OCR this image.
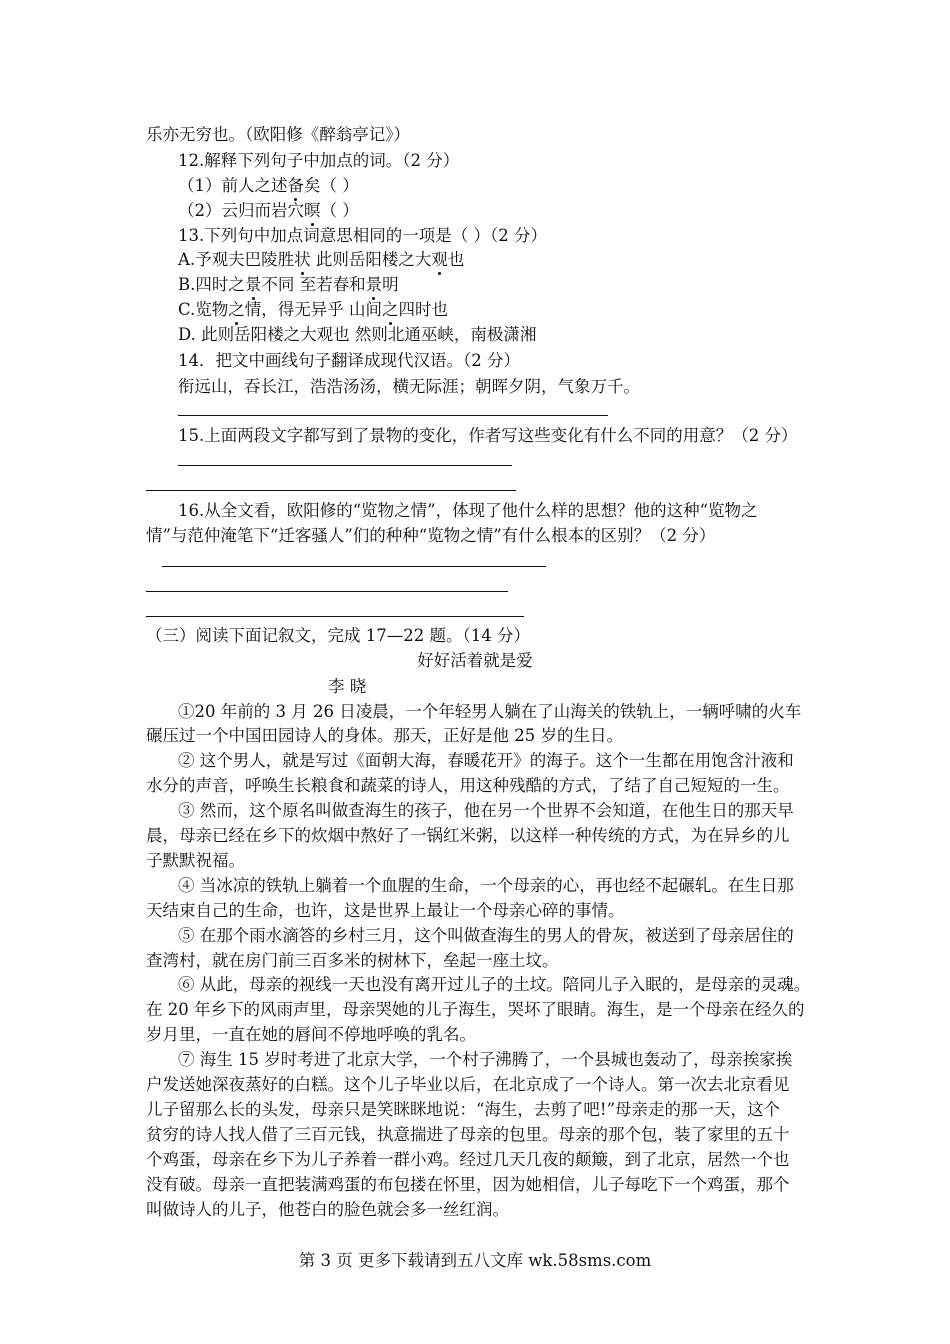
乐亦无穷也。（欧阳修《醉翁亭记》）
12.解释下列句子中加点的词。（2 分）
（1）前人之述备矣（ ）
（2）云归而岩穴暝（ ）
13.下列句中加点词意思相同的一项是（ ）（2 分）
A.予观夫巴陵胜状 此则岳阳楼之大观也
B.四时之景不同 至若春和景明
C.览物之情，得无异乎 山间之四时也
D. 此则岳阳楼之大观也 然则北通巫峡，南极潇湘
14．把文中画线句子翻译成现代汉语。（2 分）
衔远山，吞长江，浩浩汤汤，横无际涯；朝晖夕阴，气象万千。
15.上面两段文字都写到了景物的变化，作者写这些变化有什么不同的用意？（2 分）
16.从全文看，欧阳修的“览物之情”，体现了他什么样的思想？他的这种“览物之
情”与范仲淹笔下“迁客骚人”们的种种“览物之情”有什么根本的区别？（2 分）
（三）阅读下面记叙文，完成 17—22 题。（14 分）
好好活着就是爱
李 晓
①20 年前的 3 月 26 日凌晨，一个年轻男人躺在了山海关的铁轨上，一辆呼啸的火车
碾压过一个中国田园诗人的身体。那天，正好是他 25 岁的生日。
② 这个男人，就是写过《面朝大海，春暖花开》的海子。这个一生都在用饱含汁液和
水分的声音，呼唤生长粮食和蔬菜的诗人，用这种残酷的方式，了结了自己短短的一生。
③ 然而，这个原名叫做查海生的孩子，他在另一个世界不会知道，在他生日的那天早
晨，母亲已经在乡下的炊烟中熬好了一锅红米粥，以这样一种传统的方式，为在异乡的儿
子默默祝福。
④ 当冰凉的铁轨上躺着一个血腥的生命，一个母亲的心，再也经不起碾轧。在生日那
天结束自己的生命，也许，这是世界上最让一个母亲心碎的事情。
⑤ 在那个雨水滴答的乡村三月，这个叫做查海生的男人的骨灰，被送到了母亲居住的
查湾村，就在房门前三百多米的树林下，垒起一座土坟。
⑥ 从此，母亲的视线一天也没有离开过儿子的土坟。陪同儿子入眠的，是母亲的灵魂。
在 20 年乡下的风雨声里，母亲哭她的儿子海生，哭坏了眼睛。海生，是一个母亲在经久的
岁月里，一直在她的唇间不停地呼唤的乳名。
⑦ 海生 15 岁时考进了北京大学，一个村子沸腾了，一个县城也轰动了，母亲挨家挨
户发送她深夜蒸好的白糕。这个儿子毕业以后，在北京成了一个诗人。第一次去北京看见
儿子留那么长的头发，母亲只是笑眯眯地说：“海生，去剪了吧!”母亲走的那一天，这个
贫穷的诗人找人借了三百元钱，执意揣进了母亲的包里。母亲的那个包，装了家里的五十
个鸡蛋，母亲在乡下为儿子养着一群小鸡。经过几天几夜的颠簸，到了北京，居然一个也
没有破。母亲一直把装满鸡蛋的布包搂在怀里，因为她相信，儿子每吃下一个鸡蛋，那个
叫做诗人的儿子，他苍白的脸色就会多一丝红润。
第 3 页 更多下载请到五八文库 wk.58sms.com
